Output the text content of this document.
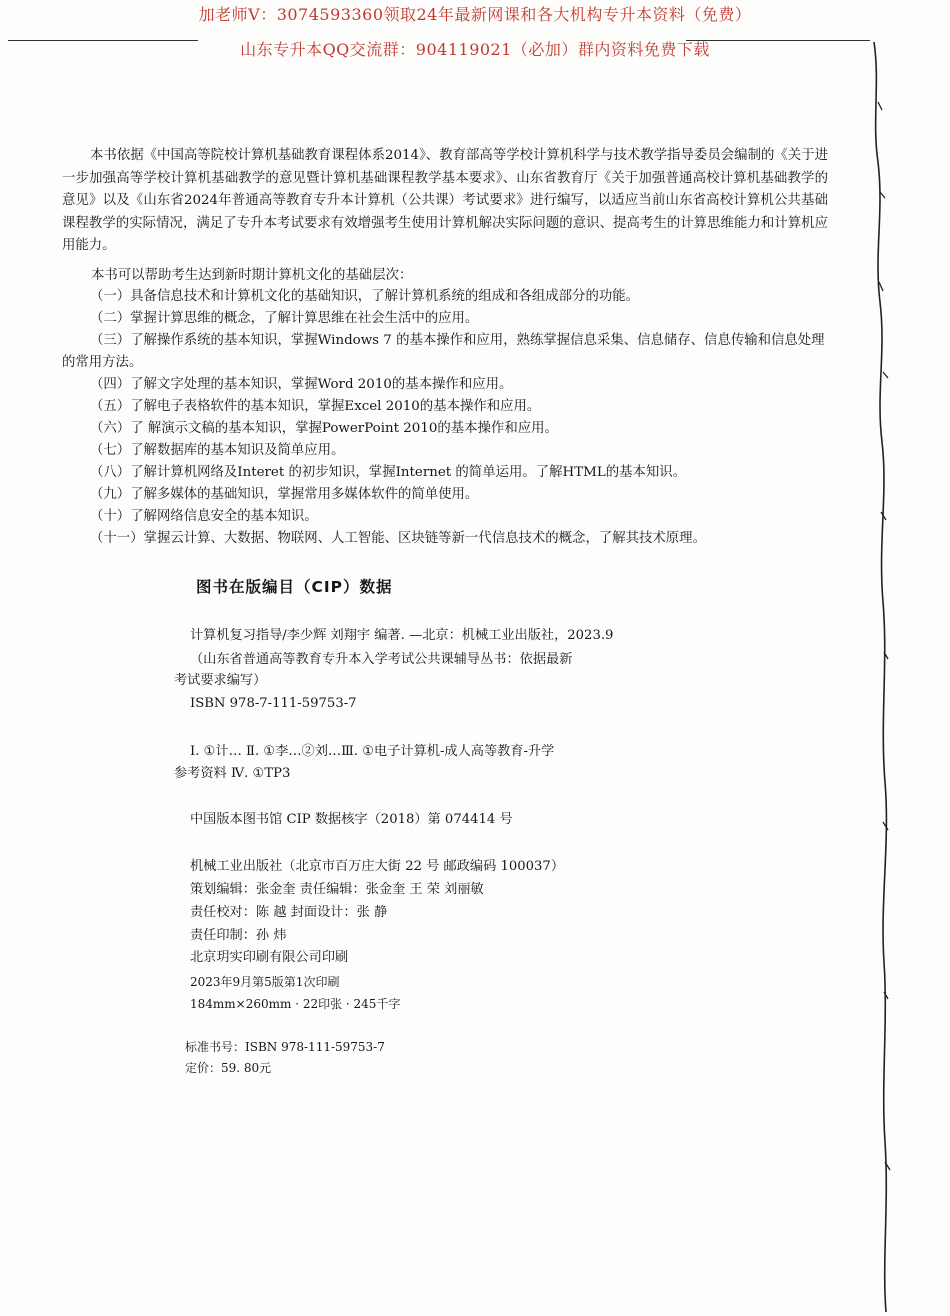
加老师V：3074593360领取24年最新网课和各大机构专升本资料（免费）
山东专升本QQ交流群：904119021（必加）群内资料免费下载

本书依据《中国高等院校计算机基础教育课程体系2014》、教育部高等学校计算机科学与技术教学指导委员会编制的《关于进一步加强高等学校计算机基础教学的意见暨计算机基础课程教学基本要求》、山东省教育厅《关于加强普通高校计算机基础教学的意见》以及《山东省2024年普通高等教育专升本计算机（公共课）考试要求》进行编写，以适应当前山东省高校计算机公共基础课程教学的实际情况，满足了专升本考试要求有效增强考生使用计算机解决实际问题的意识、提高考生的计算思维能力和计算机应用能力。

本书可以帮助考生达到新时期计算机文化的基础层次：

（一）具备信息技术和计算机文化的基础知识，了解计算机系统的组成和各组成部分的功能。
（二）掌握计算思维的概念，了解计算思维在社会生活中的应用。
（三）了解操作系统的基本知识，掌握Windows 7 的基本操作和应用，熟练掌握信息采集、信息储存、信息传输和信息处理的常用方法。
（四）了解文字处理的基本知识，掌握Word 2010的基本操作和应用。
（五）了解电子表格软件的基本知识，掌握Excel 2010的基本操作和应用。
（六）了 解演示文稿的基本知识，掌握PowerPoint 2010的基本操作和应用。
（七）了解数据库的基本知识及简单应用。
（八）了解计算机网络及Interet 的初步知识，掌握Internet 的简单运用。了解HTML的基本知识。
（九）了解多媒体的基础知识，掌握常用多媒体软件的简单使用。
（十）了解网络信息安全的基本知识。
（十一）掌握云计算、大数据、物联网、人工智能、区块链等新一代信息技术的概念，了解其技术原理。
图书在版编目（CIP）数据
计算机复习指导/李少辉 刘翔宇 编著. —北京：机械工业出版社，2023.9
（山东省普通高等教育专升本入学考试公共课辅导丛书：依据最新
考试要求编写）
ISBN 978-7-111-59753-7
Ⅰ. ①计… Ⅱ. ①李…②刘…Ⅲ. ①电子计算机-成人高等教育-升学
参考资料 Ⅳ. ①TP3
中国版本图书馆 CIP 数据核字（2018）第 074414 号
机械工业出版社（北京市百万庄大街 22 号 邮政编码 100037）
策划编辑：张金奎 责任编辑：张金奎 王 荣 刘丽敏
责任校对：陈 越 封面设计：张 静
责任印制：孙 炜
北京玥实印刷有限公司印刷
2023年9月第5版第1次印刷
184mm×260mm · 22印张 · 245千字
标准书号：ISBN 978-111-59753-7
定价：59. 80元
